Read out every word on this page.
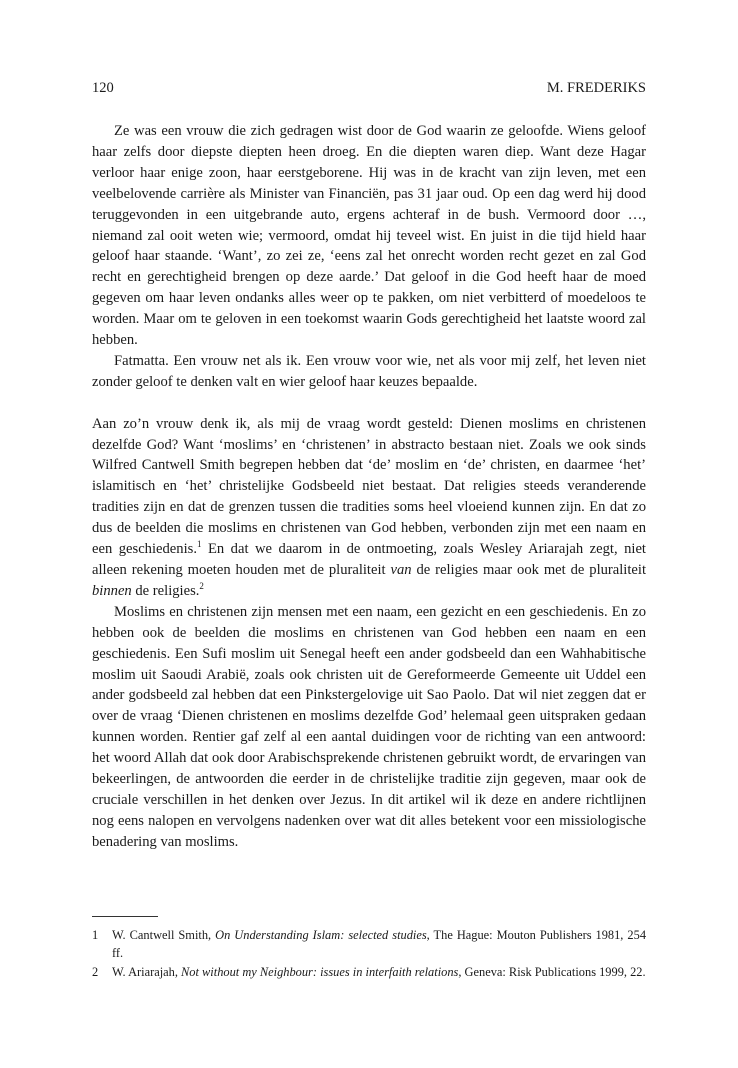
120	M. FREDERIKS

Ze was een vrouw die zich gedragen wist door de God waarin ze geloofde. Wiens geloof haar zelfs door diepste diepten heen droeg. En die diepten waren diep. Want deze Hagar verloor haar enige zoon, haar eerstgeborene. Hij was in de kracht van zijn leven, met een veelbelovende carrière als Minister van Financiën, pas 31 jaar oud. Op een dag werd hij dood teruggevonden in een uitgebrande auto, ergens achteraf in de bush. Vermoord door …, niemand zal ooit weten wie; vermoord, omdat hij teveel wist. En juist in die tijd hield haar geloof haar staande. ‘Want’, zo zei ze, ‘eens zal het onrecht worden recht gezet en zal God recht en gerechtigheid brengen op deze aarde.’ Dat geloof in die God heeft haar de moed gegeven om haar leven ondanks alles weer op te pakken, om niet verbitterd of moedeloos te worden. Maar om te geloven in een toekomst waarin Gods gerechtigheid het laatste woord zal hebben.

Fatmatta. Een vrouw net als ik. Een vrouw voor wie, net als voor mij zelf, het leven niet zonder geloof te denken valt en wier geloof haar keuzes bepaalde.

Aan zo’n vrouw denk ik, als mij de vraag wordt gesteld: Dienen moslims en christenen dezelfde God? Want ‘moslims’ en ‘christenen’ in abstracto bestaan niet. Zoals we ook sinds Wilfred Cantwell Smith begrepen hebben dat ‘de’ moslim en ‘de’ christen, en daarmee ‘het’ islamitisch en ‘het’ christelijke Godsbeeld niet bestaat. Dat religies steeds veranderende tradities zijn en dat de grenzen tussen die tradities soms heel vloeiend kunnen zijn. En dat zo dus de beelden die moslims en christenen van God hebben, verbonden zijn met een naam en een geschiedenis.$^1$ En dat we daarom in de ontmoeting, zoals Wesley Ariarajah zegt, niet alleen rekening moeten houden met de pluraliteit van de religies maar ook met de pluraliteit binnen de religies.$^2$

Moslims en christenen zijn mensen met een naam, een gezicht en een geschiedenis. En zo hebben ook de beelden die moslims en christenen van God hebben een naam en een geschiedenis. Een Sufi moslim uit Senegal heeft een ander godsbeeld dan een Wahhabitische moslim uit Saoudi Arabië, zoals ook christen uit de Gereformeerde Gemeente uit Uddel een ander godsbeeld zal hebben dat een Pinkstergelovige uit Sao Paolo. Dat wil niet zeggen dat er over de vraag ‘Dienen christenen en moslims dezelfde God’ helemaal geen uitspraken gedaan kunnen worden. Rentier gaf zelf al een aantal duidingen voor de richting van een antwoord: het woord Allah dat ook door Arabischsprekende christenen gebruikt wordt, de ervaringen van bekeerlingen, de antwoorden die eerder in de christelijke traditie zijn gegeven, maar ook de cruciale verschillen in het denken over Jezus. In dit artikel wil ik deze en andere richtlijnen nog eens nalopen en vervolgens nadenken over wat dit alles betekent voor een missiologische benadering van moslims.

1	W. Cantwell Smith, On Understanding Islam: selected studies, The Hague: Mouton Publishers 1981, 254 ff.
2	W. Ariarajah, Not without my Neighbour: issues in interfaith relations, Geneva: Risk Publications 1999, 22.
